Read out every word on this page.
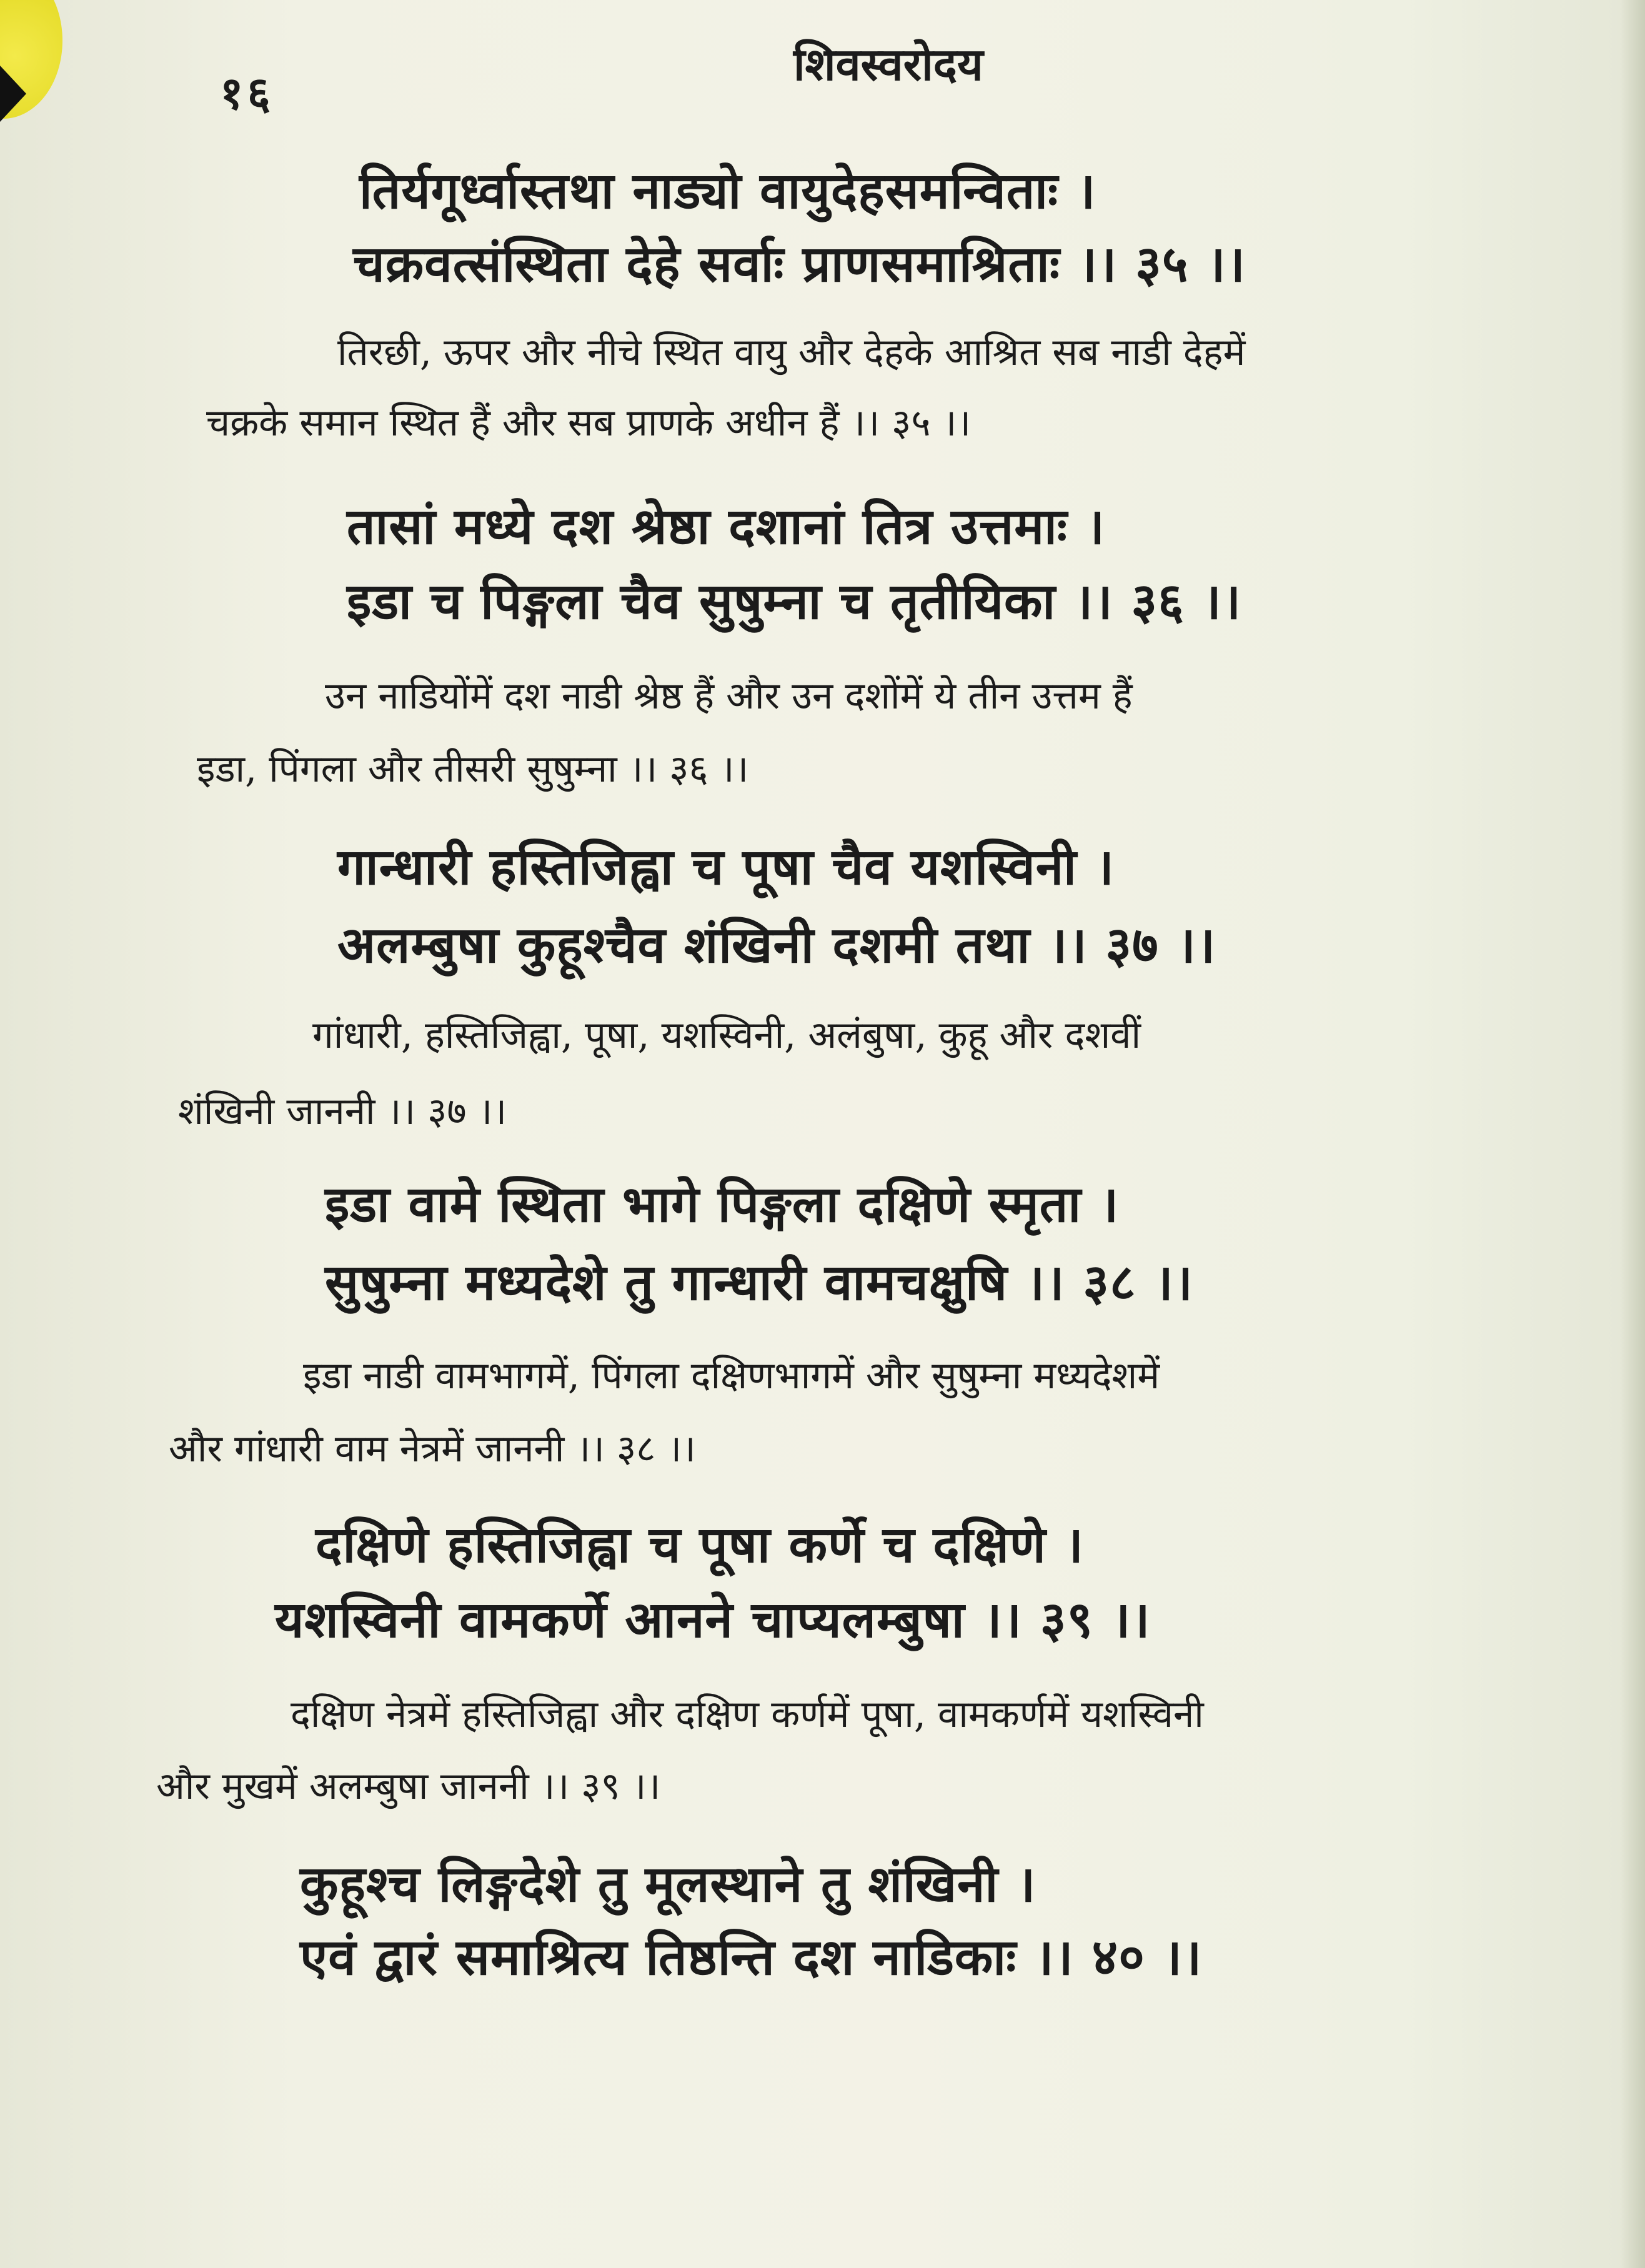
१६
शिवस्वरोदय
तिर्यगूर्ध्वास्तथा नाड्यो वायुदेहसमन्विताः ।
चक्रवत्संस्थिता देहे सर्वाः प्राणसमाश्रिताः ।। ३५ ।।
तिरछी, ऊपर और नीचे स्थित वायु और देहके आश्रित सब नाडी देहमें
चक्रके समान स्थित हैं और सब प्राणके अधीन हैं ।। ३५ ।।
तासां मध्ये दश श्रेष्ठा दशानां तित्र उत्तमाः ।
इडा च पिङ्गला चैव सुषुम्ना च तृतीयिका ।। ३६ ।।
उन नाडियोंमें दश नाडी श्रेष्ठ हैं और उन दशोंमें ये तीन उत्तम हैं
इडा, पिंगला और तीसरी सुषुम्ना ।। ३६ ।।
गान्धारी हस्तिजिह्वा च पूषा चैव यशस्विनी ।
अलम्बुषा कुहूश्चैव शंखिनी दशमी तथा ।। ३७ ।।
गांधारी, हस्तिजिह्वा, पूषा, यशस्विनी, अलंबुषा, कुहू और दशवीं
शंखिनी जाननी ।। ३७ ।।
इडा वामे स्थिता भागे पिङ्गला दक्षिणे स्मृता ।
सुषुम्ना मध्यदेशे तु गान्धारी वामचक्षुषि ।। ३८ ।।
इडा नाडी वामभागमें, पिंगला दक्षिणभागमें और सुषुम्ना मध्यदेशमें
और गांधारी वाम नेत्रमें जाननी ।। ३८ ।।
दक्षिणे हस्तिजिह्वा च पूषा कर्णे च दक्षिणे ।
यशस्विनी वामकर्णे आनने चाप्यलम्बुषा ।। ३९ ।।
दक्षिण नेत्रमें हस्तिजिह्वा और दक्षिण कर्णमें पूषा, वामकर्णमें यशस्विनी
और मुखमें अलम्बुषा जाननी ।। ३९ ।।
कुहूश्च लिङ्गदेशे तु मूलस्थाने तु शंखिनी ।
एवं द्वारं समाश्रित्य तिष्ठन्ति दश नाडिकाः ।। ४० ।।
